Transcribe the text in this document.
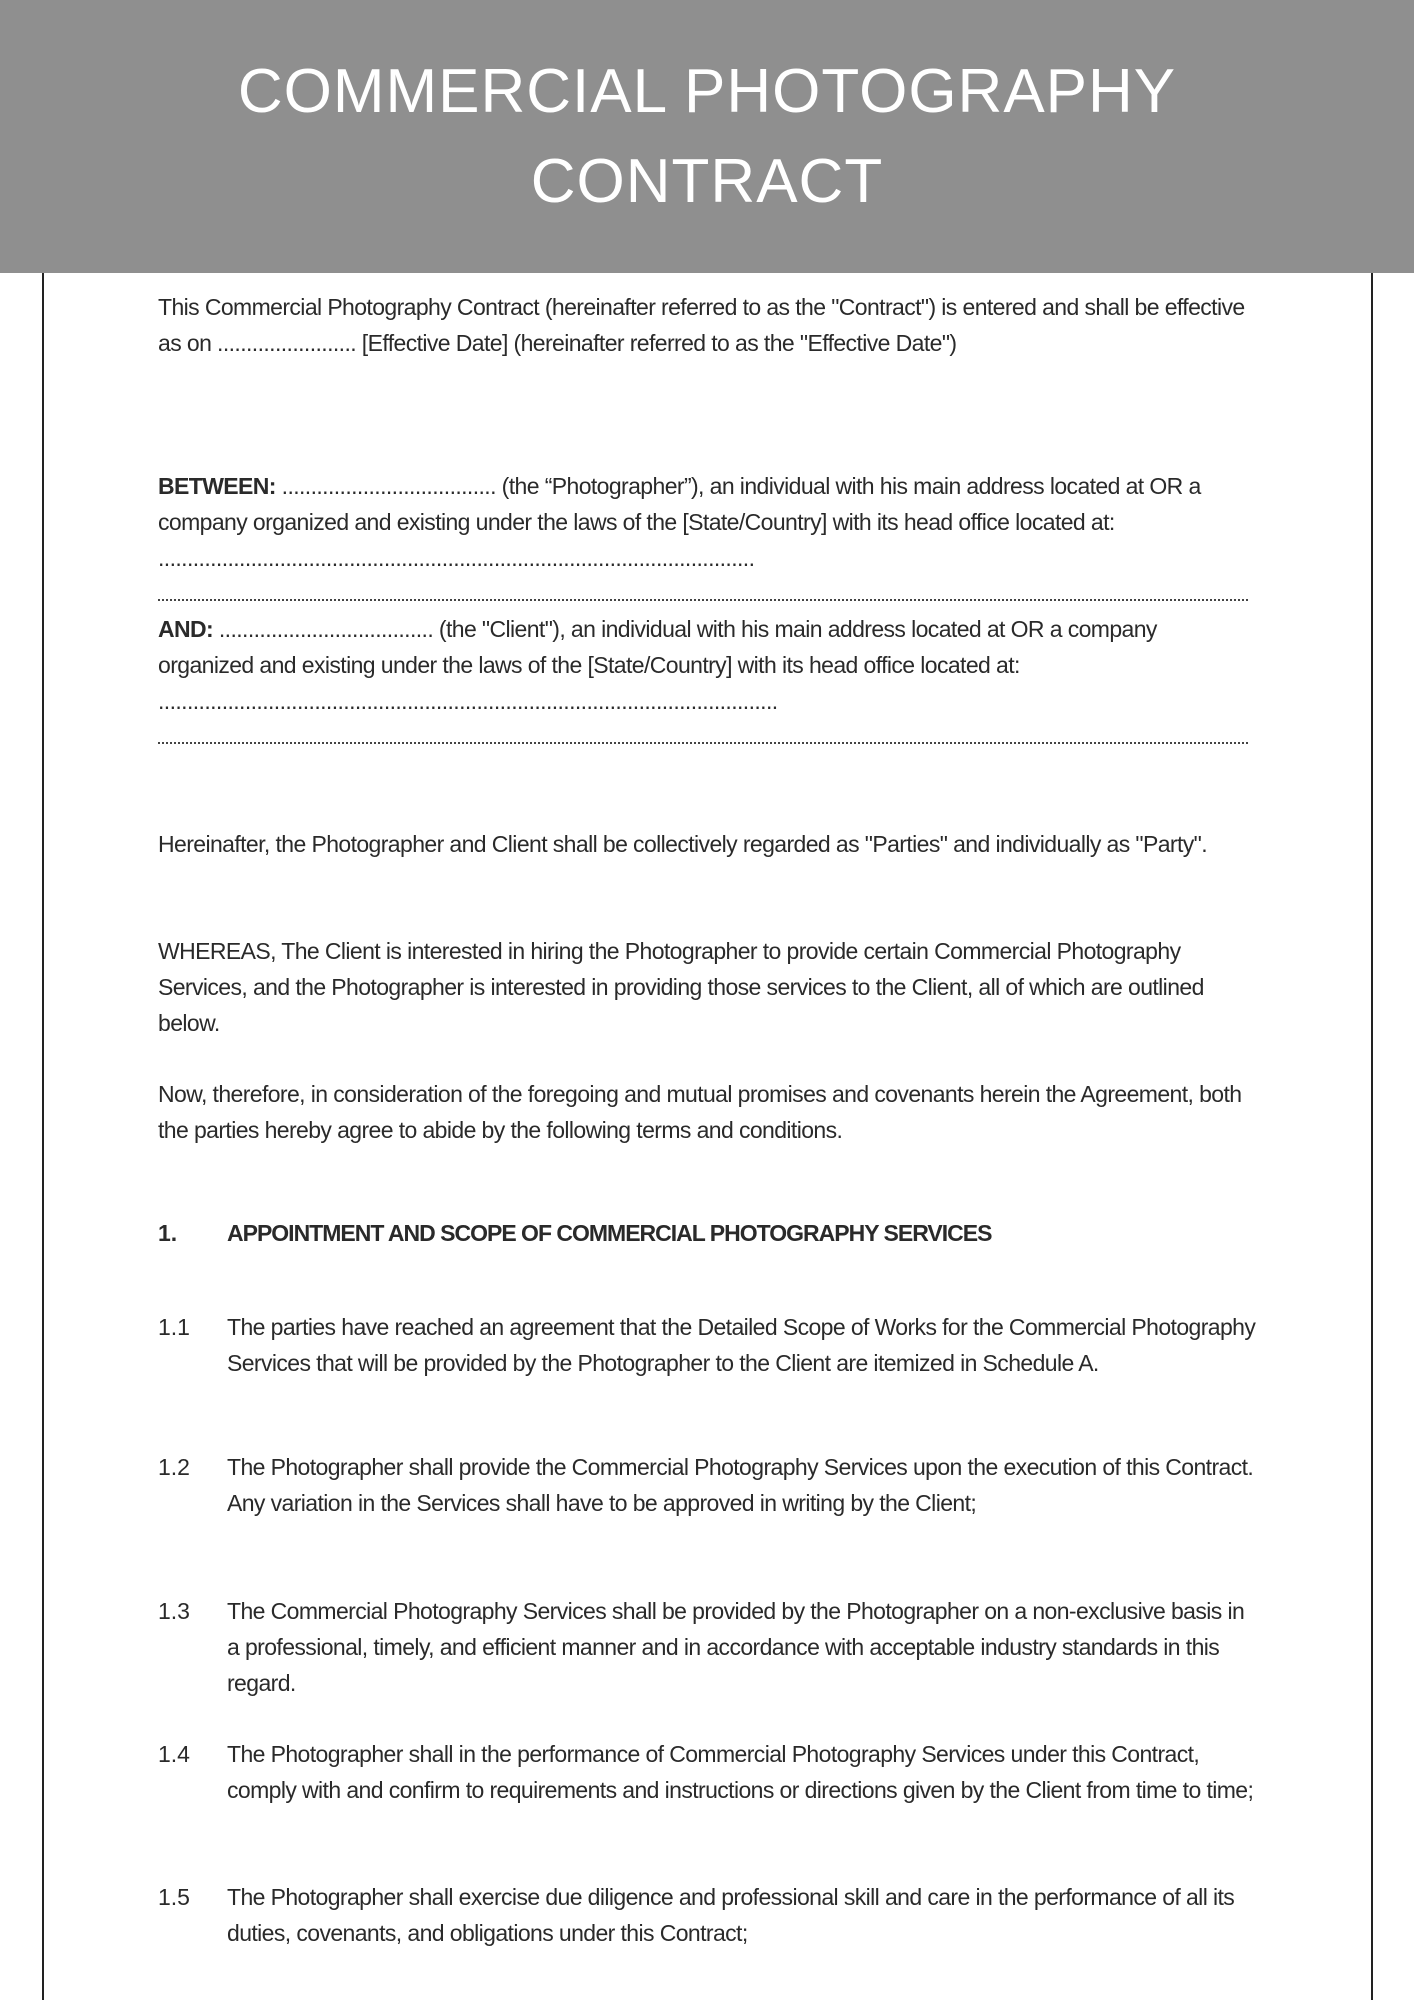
COMMERCIAL PHOTOGRAPHY
CONTRACT
This Commercial Photography Contract (hereinafter referred to as the "Contract") is entered and shall be effective as on ........................ [Effective Date] (hereinafter referred to as the "Effective Date")
BETWEEN: ..................................... (the “Photographer”), an individual with his main address located at OR a company organized and existing under the laws of the [State/Country] with its head office located at: .......................................................................................................
AND: ..................................... (the "Client"), an individual with his main address located at OR a company organized and existing under the laws of the [State/Country] with its head office located at: ...........................................................................................................
Hereinafter, the Photographer and Client shall be collectively regarded as "Parties" and individually as "Party".
WHEREAS, The Client is interested in hiring the Photographer to provide certain Commercial Photography Services, and the Photographer is interested in providing those services to the Client, all of which are outlined below.
Now, therefore, in consideration of the foregoing and mutual promises and covenants herein the Agreement, both the parties hereby agree to abide by the following terms and conditions.
1. APPOINTMENT AND SCOPE OF COMMERCIAL PHOTOGRAPHY SERVICES
1.1 The parties have reached an agreement that the Detailed Scope of Works for the Commercial Photography Services that will be provided by the Photographer to the Client are itemized in Schedule A.
1.2 The Photographer shall provide the Commercial Photography Services upon the execution of this Contract. Any variation in the Services shall have to be approved in writing by the Client;
1.3 The Commercial Photography Services shall be provided by the Photographer on a non-exclusive basis in a professional, timely, and efficient manner and in accordance with acceptable industry standards in this regard.
1.4 The Photographer shall in the performance of Commercial Photography Services under this Contract, comply with and confirm to requirements and instructions or directions given by the Client from time to time;
1.5 The Photographer shall exercise due diligence and professional skill and care in the performance of all its duties, covenants, and obligations under this Contract;
